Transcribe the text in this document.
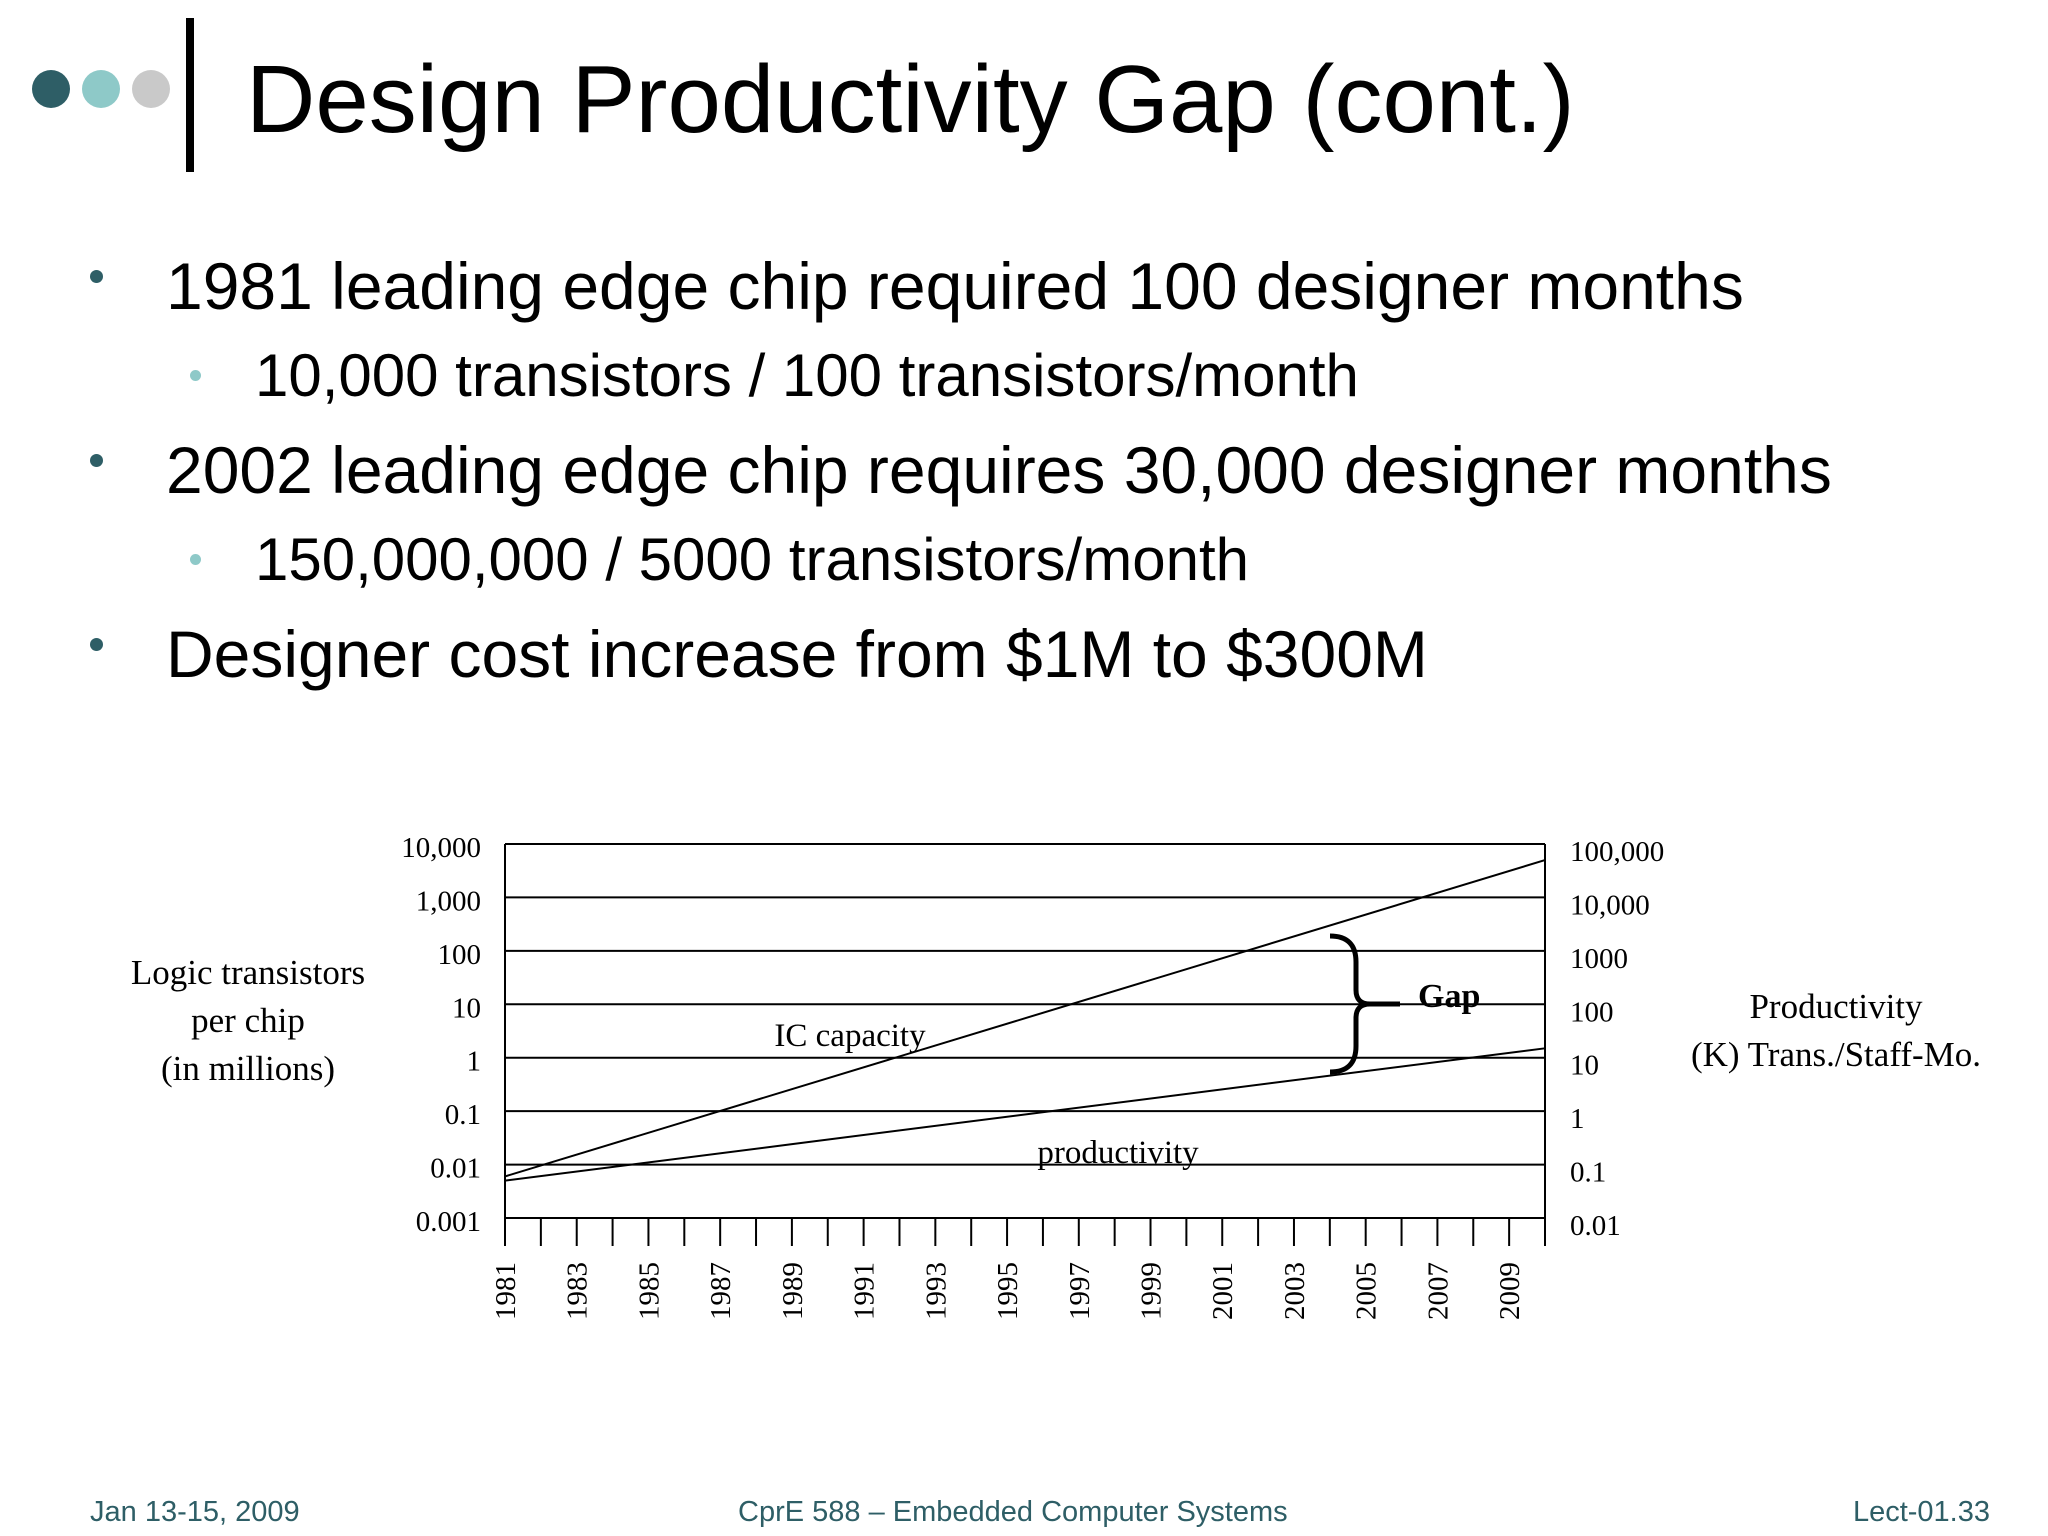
Design Productivity Gap (cont.)
1981 leading edge chip required 100 designer months
10,000 transistors / 100 transistors/month
2002 leading edge chip requires 30,000 designer months
150,000,000 / 5000 transistors/month
Designer cost increase from $1M to $300M
10,000
1,000
100
10
1
0.1
0.01
0.001
100,000
10,000
1000
100
10
1
0.1
0.01
1981 1983 1985 1987 1989 1991 1993 1995 1997 1999 2001 2003 2005 2007 2009
Logic transistors
per chip
(in millions)
Productivity
(K) Trans./Staff-Mo.
IC capacity
productivity
Gap
Jan 13-15, 2009	CprE 588 – Embedded Computer Systems	Lect-01.33
